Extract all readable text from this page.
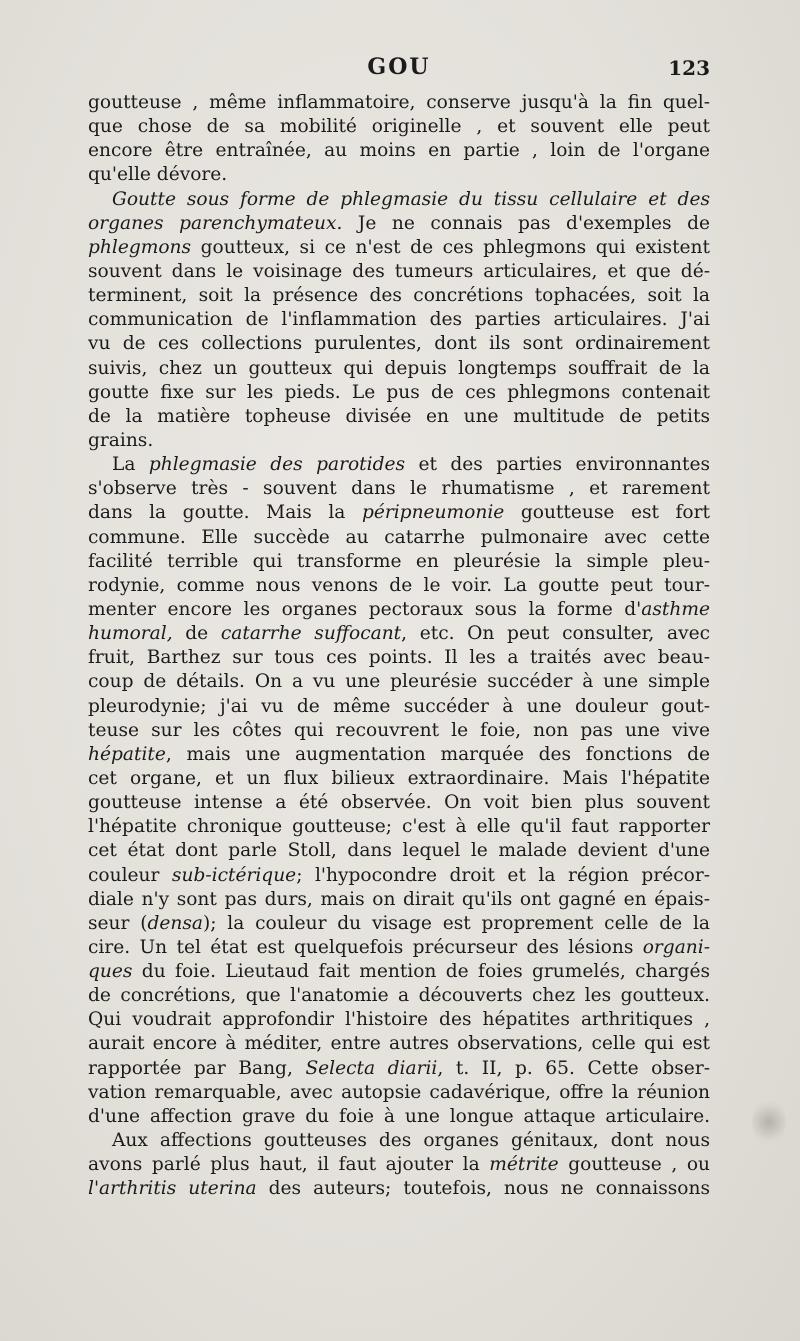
GOU	123
goutteuse , même inflammatoire, conserve jusqu'à la fin quel-
que chose de sa mobilité originelle , et souvent elle peut
encore être entraînée, au moins en partie , loin de l'organe
qu'elle dévore.
Goutte sous forme de phlegmasie du tissu cellulaire et des
organes parenchymateux. Je ne connais pas d'exemples de
phlegmons goutteux, si ce n'est de ces phlegmons qui existent
souvent dans le voisinage des tumeurs articulaires, et que dé-
terminent, soit la présence des concrétions tophacées, soit la
communication de l'inflammation des parties articulaires. J'ai
vu de ces collections purulentes, dont ils sont ordinairement
suivis, chez un goutteux qui depuis longtemps souffrait de la
goutte fixe sur les pieds. Le pus de ces phlegmons contenait
de la matière topheuse divisée en une multitude de petits
grains.
La phlegmasie des parotides et des parties environnantes
s'observe très - souvent dans le rhumatisme , et rarement
dans la goutte. Mais la péripneumonie goutteuse est fort
commune. Elle succède au catarrhe pulmonaire avec cette
facilité terrible qui transforme en pleurésie la simple pleu-
rodynie, comme nous venons de le voir. La goutte peut tour-
menter encore les organes pectoraux sous la forme d'asthme
humoral, de catarrhe suffocant, etc. On peut consulter, avec
fruit, Barthez sur tous ces points. Il les a traités avec beau-
coup de détails. On a vu une pleurésie succéder à une simple
pleurodynie; j'ai vu de même succéder à une douleur gout-
teuse sur les côtes qui recouvrent le foie, non pas une vive
hépatite, mais une augmentation marquée des fonctions de
cet organe, et un flux bilieux extraordinaire. Mais l'hépatite
goutteuse intense a été observée. On voit bien plus souvent
l'hépatite chronique goutteuse; c'est à elle qu'il faut rapporter
cet état dont parle Stoll, dans lequel le malade devient d'une
couleur sub-ictérique; l'hypocondre droit et la région précor-
diale n'y sont pas durs, mais on dirait qu'ils ont gagné en épais-
seur (densa); la couleur du visage est proprement celle de la
cire. Un tel état est quelquefois précurseur des lésions organi-
ques du foie. Lieutaud fait mention de foies grumelés, chargés
de concrétions, que l'anatomie a découverts chez les goutteux.
Qui voudrait approfondir l'histoire des hépatites arthritiques ,
aurait encore à méditer, entre autres observations, celle qui est
rapportée par Bang, Selecta diarii, t. II, p. 65. Cette obser-
vation remarquable, avec autopsie cadavérique, offre la réunion
d'une affection grave du foie à une longue attaque articulaire.
Aux affections goutteuses des organes génitaux, dont nous
avons parlé plus haut, il faut ajouter la métrite goutteuse , ou
l'arthritis uterina des auteurs; toutefois, nous ne connaissons
